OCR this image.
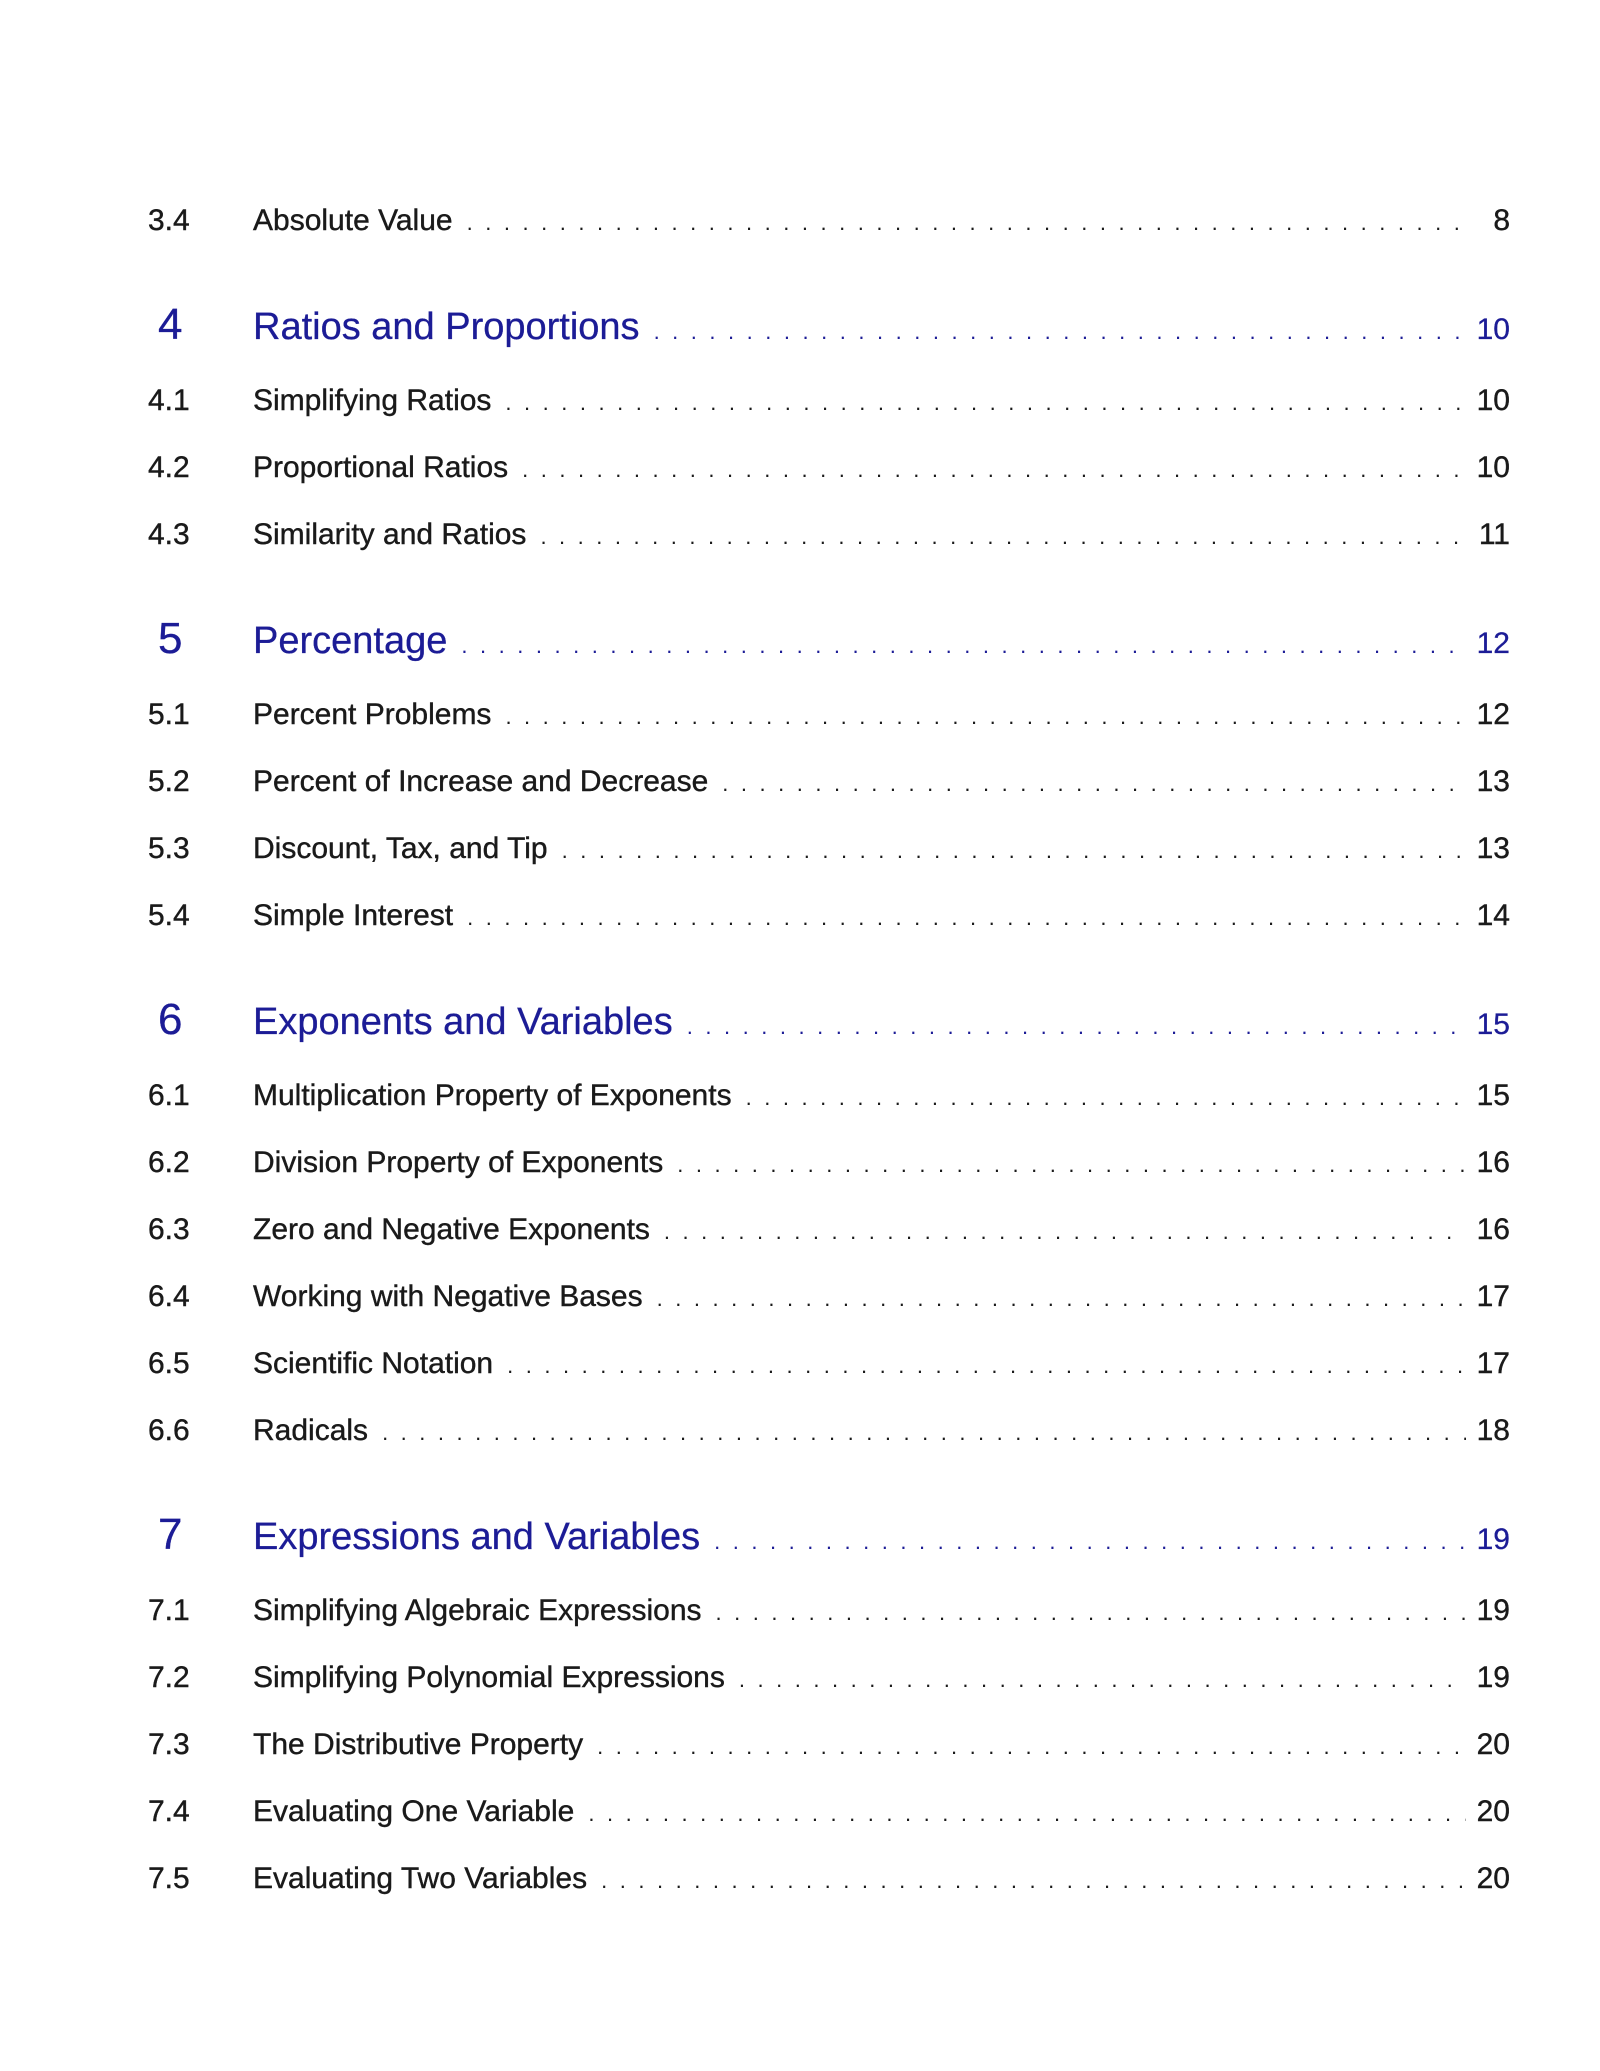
3.4	Absolute Value . . .	8
4	Ratios and Proportions . . .	10
4.1	Simplifying Ratios . . .	10
4.2	Proportional Ratios . . .	10
4.3	Similarity and Ratios . . .	11
5	Percentage . . .	12
5.1	Percent Problems . . .	12
5.2	Percent of Increase and Decrease . . .	13
5.3	Discount, Tax, and Tip . . .	13
5.4	Simple Interest . . .	14
6	Exponents and Variables . . .	15
6.1	Multiplication Property of Exponents . . .	15
6.2	Division Property of Exponents . . .	16
6.3	Zero and Negative Exponents . . .	16
6.4	Working with Negative Bases . . .	17
6.5	Scientific Notation . . .	17
6.6	Radicals . . .	18
7	Expressions and Variables . . .	19
7.1	Simplifying Algebraic Expressions . . .	19
7.2	Simplifying Polynomial Expressions . . .	19
7.3	The Distributive Property . . .	20
7.4	Evaluating One Variable . . .	20
7.5	Evaluating Two Variables . . .	20
